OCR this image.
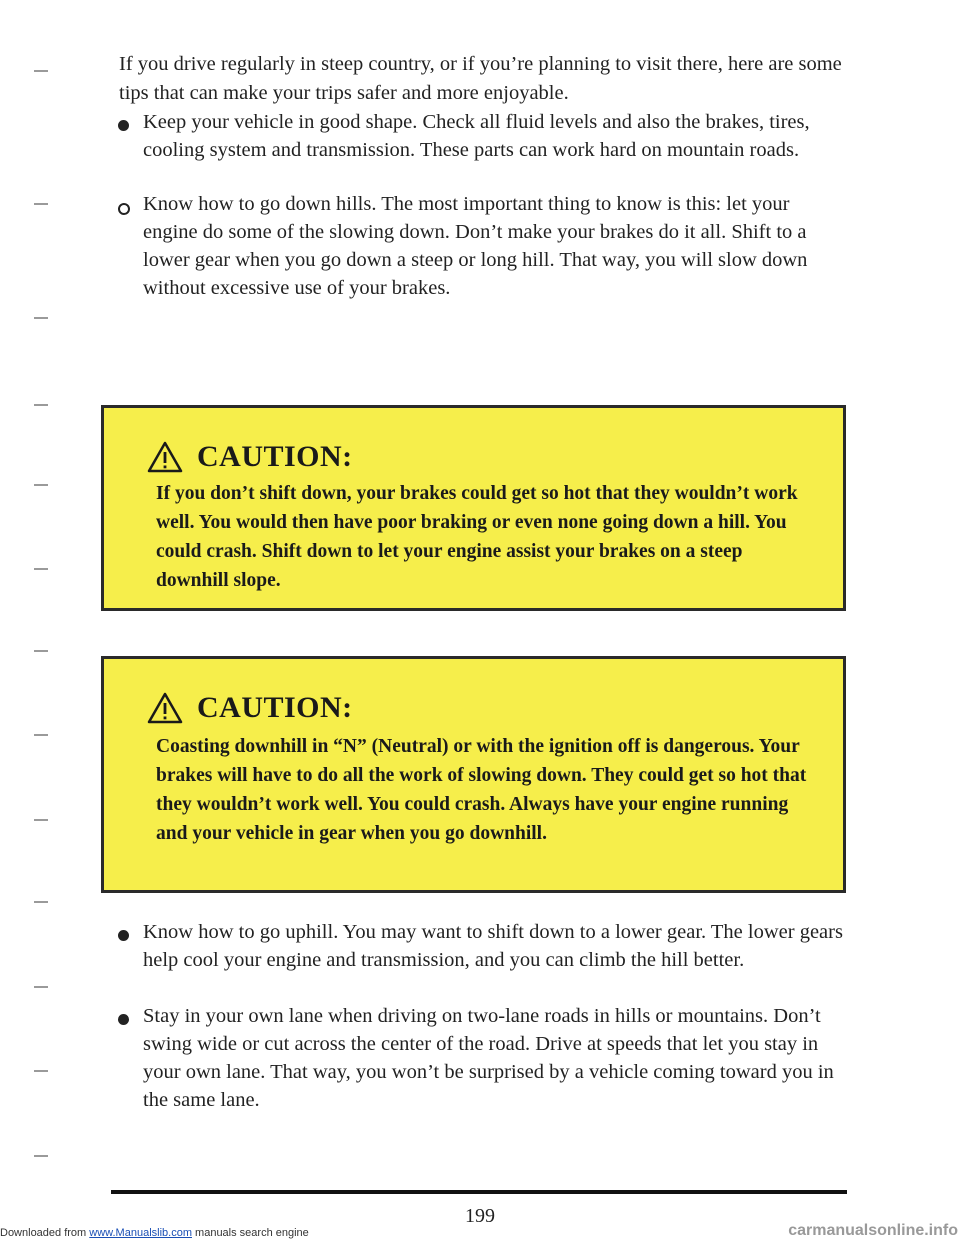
If you drive regularly in steep country, or if you’re planning to visit there, here are some tips that can make your trips safer and more enjoyable.

Keep your vehicle in good shape. Check all fluid levels and also the brakes, tires, cooling system and transmission. These parts can work hard on mountain roads.

Know how to go down hills. The most important thing to know is this: let your engine do some of the slowing down. Don’t make your brakes do it all. Shift to a lower gear when you go down a steep or long hill. That way, you will slow down without excessive use of your brakes.

CAUTION:

If you don’t shift down, your brakes could get so hot that they wouldn’t work well. You would then have poor braking or even none going down a hill. You could crash. Shift down to let your engine assist your brakes on a steep downhill slope.

CAUTION:

Coasting downhill in “N” (Neutral) or with the ignition off is dangerous. Your brakes will have to do all the work of slowing down. They could get so hot that they wouldn’t work well. You could crash. Always have your engine running and your vehicle in gear when you go downhill.

Know how to go uphill. You may want to shift down to a lower gear. The lower gears help cool your engine and transmission, and you can climb the hill better.

Stay in your own lane when driving on two-lane roads in hills or mountains. Don’t swing wide or cut across the center of the road. Drive at speeds that let you stay in your own lane. That way, you won’t be surprised by a vehicle coming toward you in the same lane.

199
Downloaded from www.Manualslib.com manuals search engine	carmanualsonline.info
